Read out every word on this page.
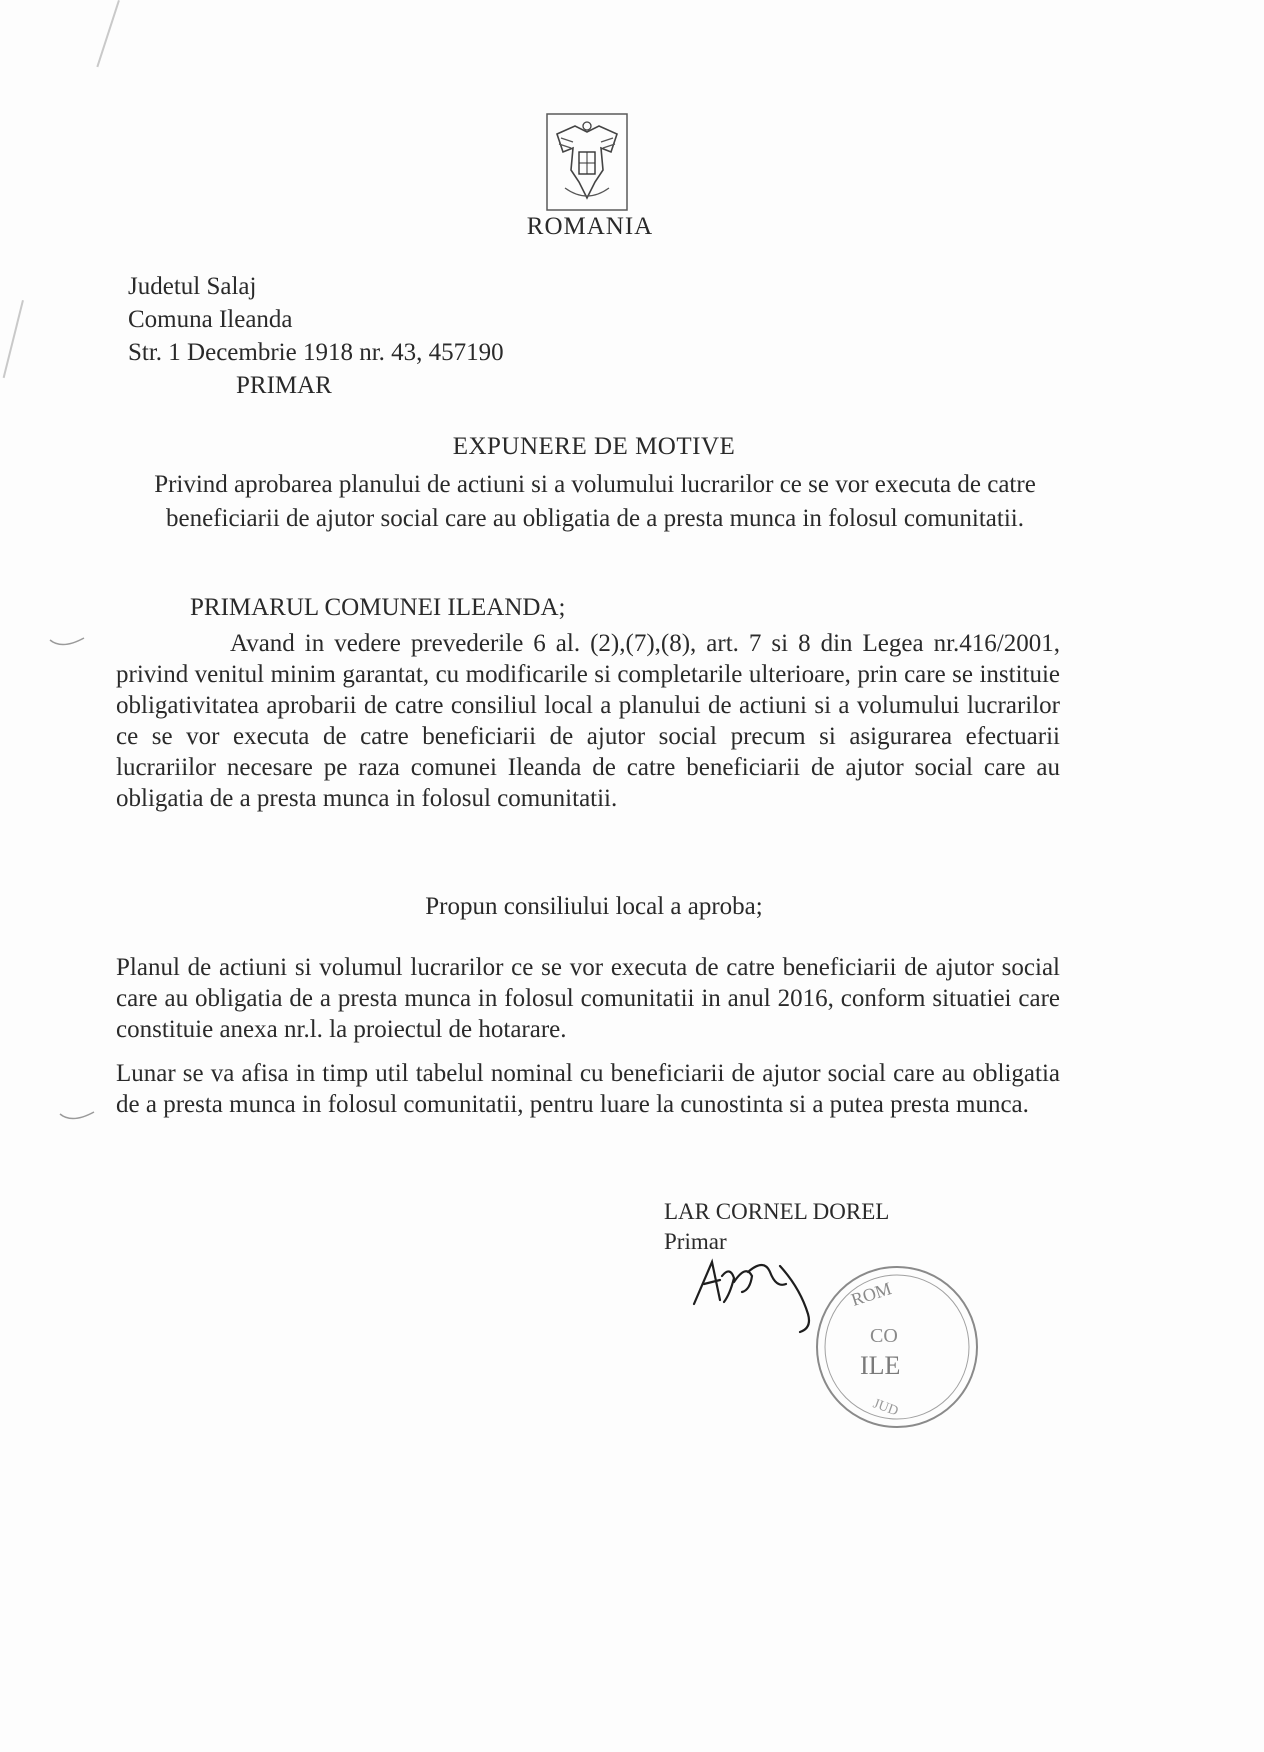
ROMANIA
Judetul Salaj
Comuna Ileanda
Str. 1 Decembrie 1918 nr. 43, 457190
PRIMAR
EXPUNERE DE MOTIVE
Privind aprobarea planului de actiuni si a volumului lucrarilor ce se vor executa de catre beneficiarii de ajutor social care au obligatia de a presta munca in folosul comunitatii.
PRIMARUL COMUNEI ILEANDA;
Avand in vedere prevederile 6 al. (2),(7),(8), art. 7 si 8 din Legea nr.416/2001, privind venitul minim garantat, cu modificarile si completarile ulterioare, prin care se instituie obligativitatea aprobarii de catre consiliul local a planului de actiuni si a volumului lucrarilor ce se vor executa de catre beneficiarii de ajutor social precum si asigurarea efectuarii lucrariilor necesare pe raza comunei Ileanda de catre beneficiarii de ajutor social care au obligatia de a presta munca in folosul comunitatii.
Propun consiliului local a aproba;
Planul de actiuni si volumul lucrarilor ce se vor executa de catre beneficiarii de ajutor social care au obligatia de a presta munca in folosul comunitatii in anul 2016, conform situatiei care constituie anexa nr.l. la proiectul de hotarare.
Lunar se va afisa in timp util tabelul nominal cu beneficiarii de ajutor social care au obligatia de a presta munca in folosul comunitatii, pentru luare la cunostinta si a putea presta munca.
LAR CORNEL DOREL
Primar
ROM
CO
ILE
JUD
